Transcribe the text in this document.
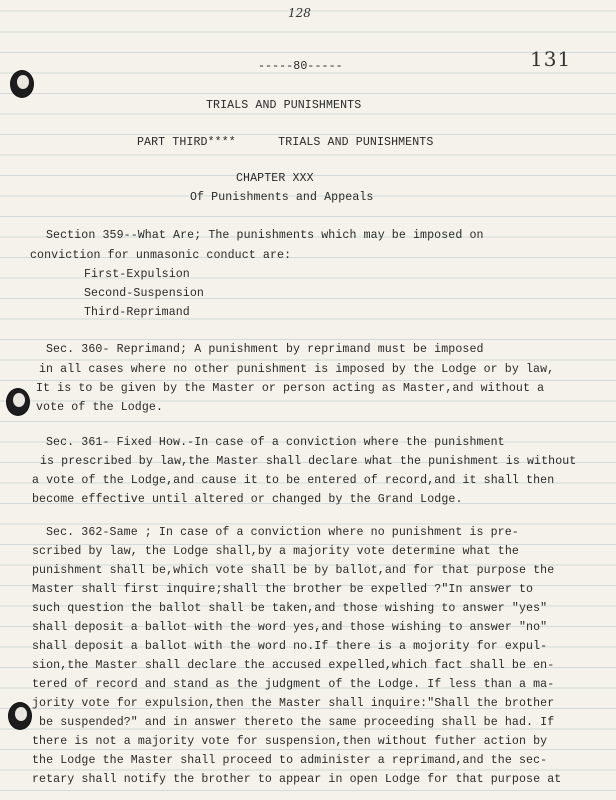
128
-----80-----	131
TRIALS AND PUNISHMENTS
PART THIRD****      TRIALS AND PUNISHMENTS
CHAPTER XXX
Of Punishments and Appeals
Section 359--What Are; The punishments which may be imposed on
conviction for unmasonic conduct are:
First-Expulsion
Second-Suspension
Third-Reprimand
Sec. 360- Reprimand; A punishment by reprimand must be imposed
in all cases where no other punishment is imposed by the Lodge or by law,
It is to be given by the Master or person acting as Master,and without a
vote of the Lodge.
Sec. 361- Fixed How.-In case of a conviction where the punishment
is prescribed by law,the Master shall declare what the punishment is without
a vote of the Lodge,and cause it to be entered of record,and it shall then
become effective until altered or changed by the Grand Lodge.
Sec. 362-Same ; In case of a conviction where no punishment is pre-
scribed by law, the Lodge shall,by a majority vote determine what the
punishment shall be,which vote shall be by ballot,and for that purpose the
Master shall first inquire;shall the brother be expelled ?"In answer to
such question the ballot shall be taken,and those wishing to answer "yes"
shall deposit a ballot with the word yes,and those wishing to answer "no"
shall deposit a ballot with the word no.If there is a mojority for expul-
sion,the Master shall declare the accused expelled,which fact shall be en-
tered of record and stand as the judgment of the Lodge. If less than a ma-
jority vote for expulsion,then the Master shall inquire:"Shall the brother
be suspended?" and in answer thereto the same proceeding shall be had. If
there is not a majority vote for suspension,then without futher action by
the Lodge the Master shall proceed to administer a reprimand,and the sec-
retary shall notify the brother to appear in open Lodge for that purpose at
